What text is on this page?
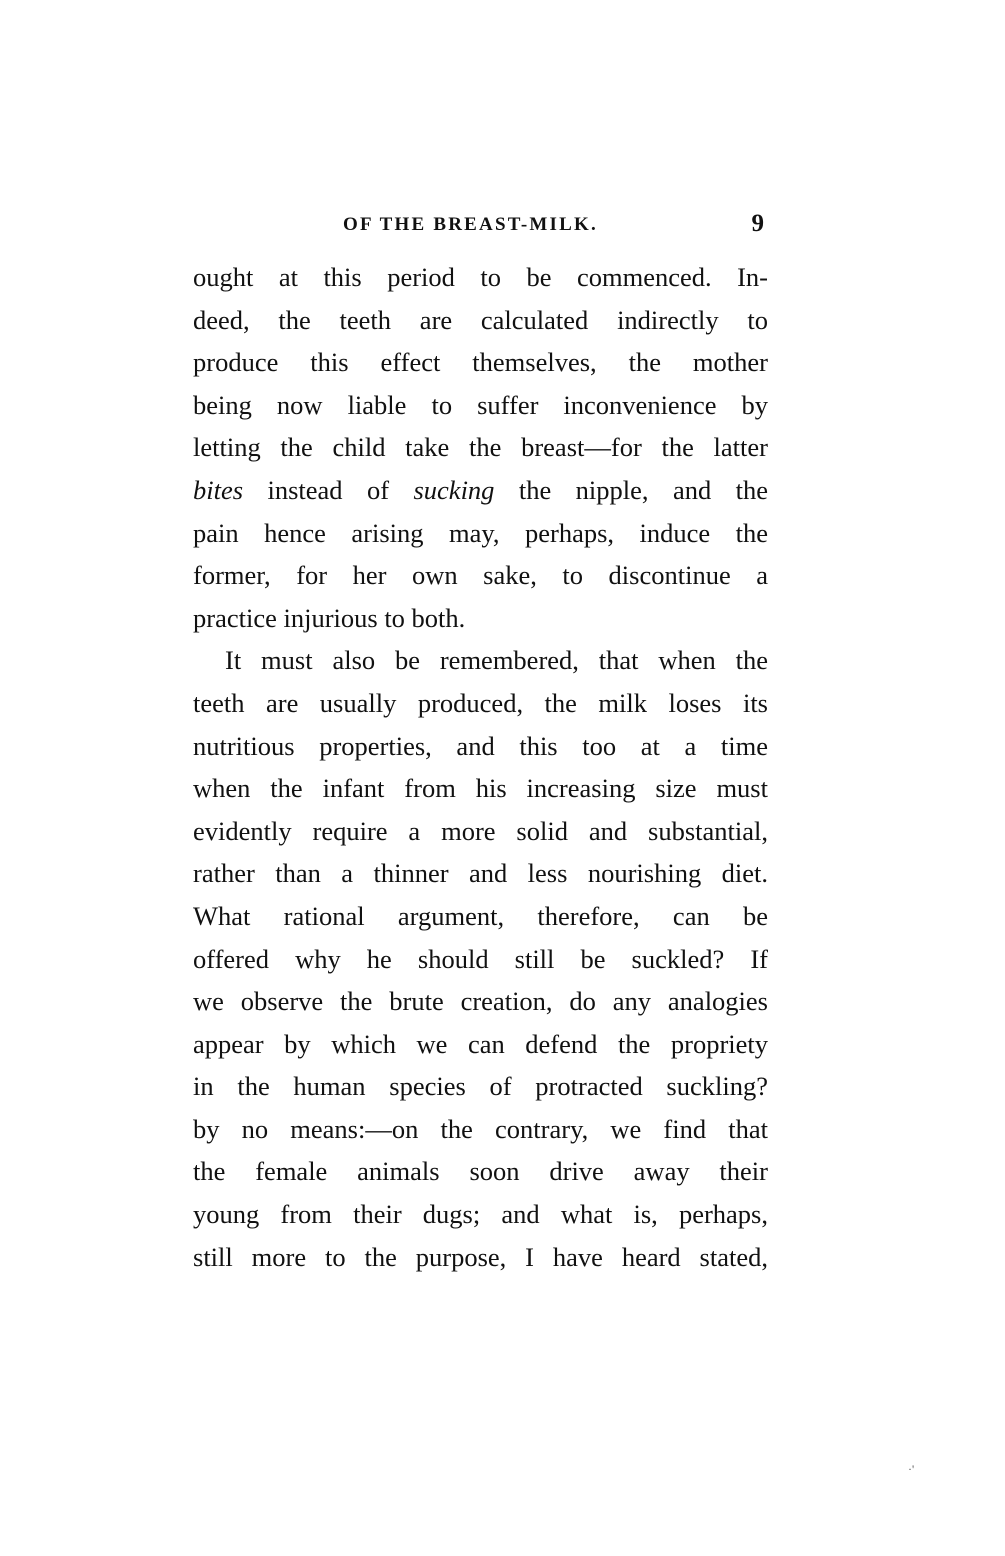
OF THE BREAST-MILK.	9
ought at this period to be commenced. In-
deed, the teeth are calculated indirectly to
produce this effect themselves, the mother
being now liable to suffer inconvenience by
letting the child take the breast—for the latter
bites instead of sucking the nipple, and the
pain hence arising may, perhaps, induce the
former, for her own sake, to discontinue a
practice injurious to both.
It must also be remembered, that when the
teeth are usually produced, the milk loses its
nutritious properties, and this too at a time
when the infant from his increasing size must
evidently require a more solid and substantial,
rather than a thinner and less nourishing diet.
What rational argument, therefore, can be
offered why he should still be suckled? If
we observe the brute creation, do any analogies
appear by which we can defend the propriety
in the human species of protracted suckling?
by no means:—on the contrary, we find that
the female animals soon drive away their
young from their dugs; and what is, perhaps,
still more to the purpose, I have heard stated,
·'
